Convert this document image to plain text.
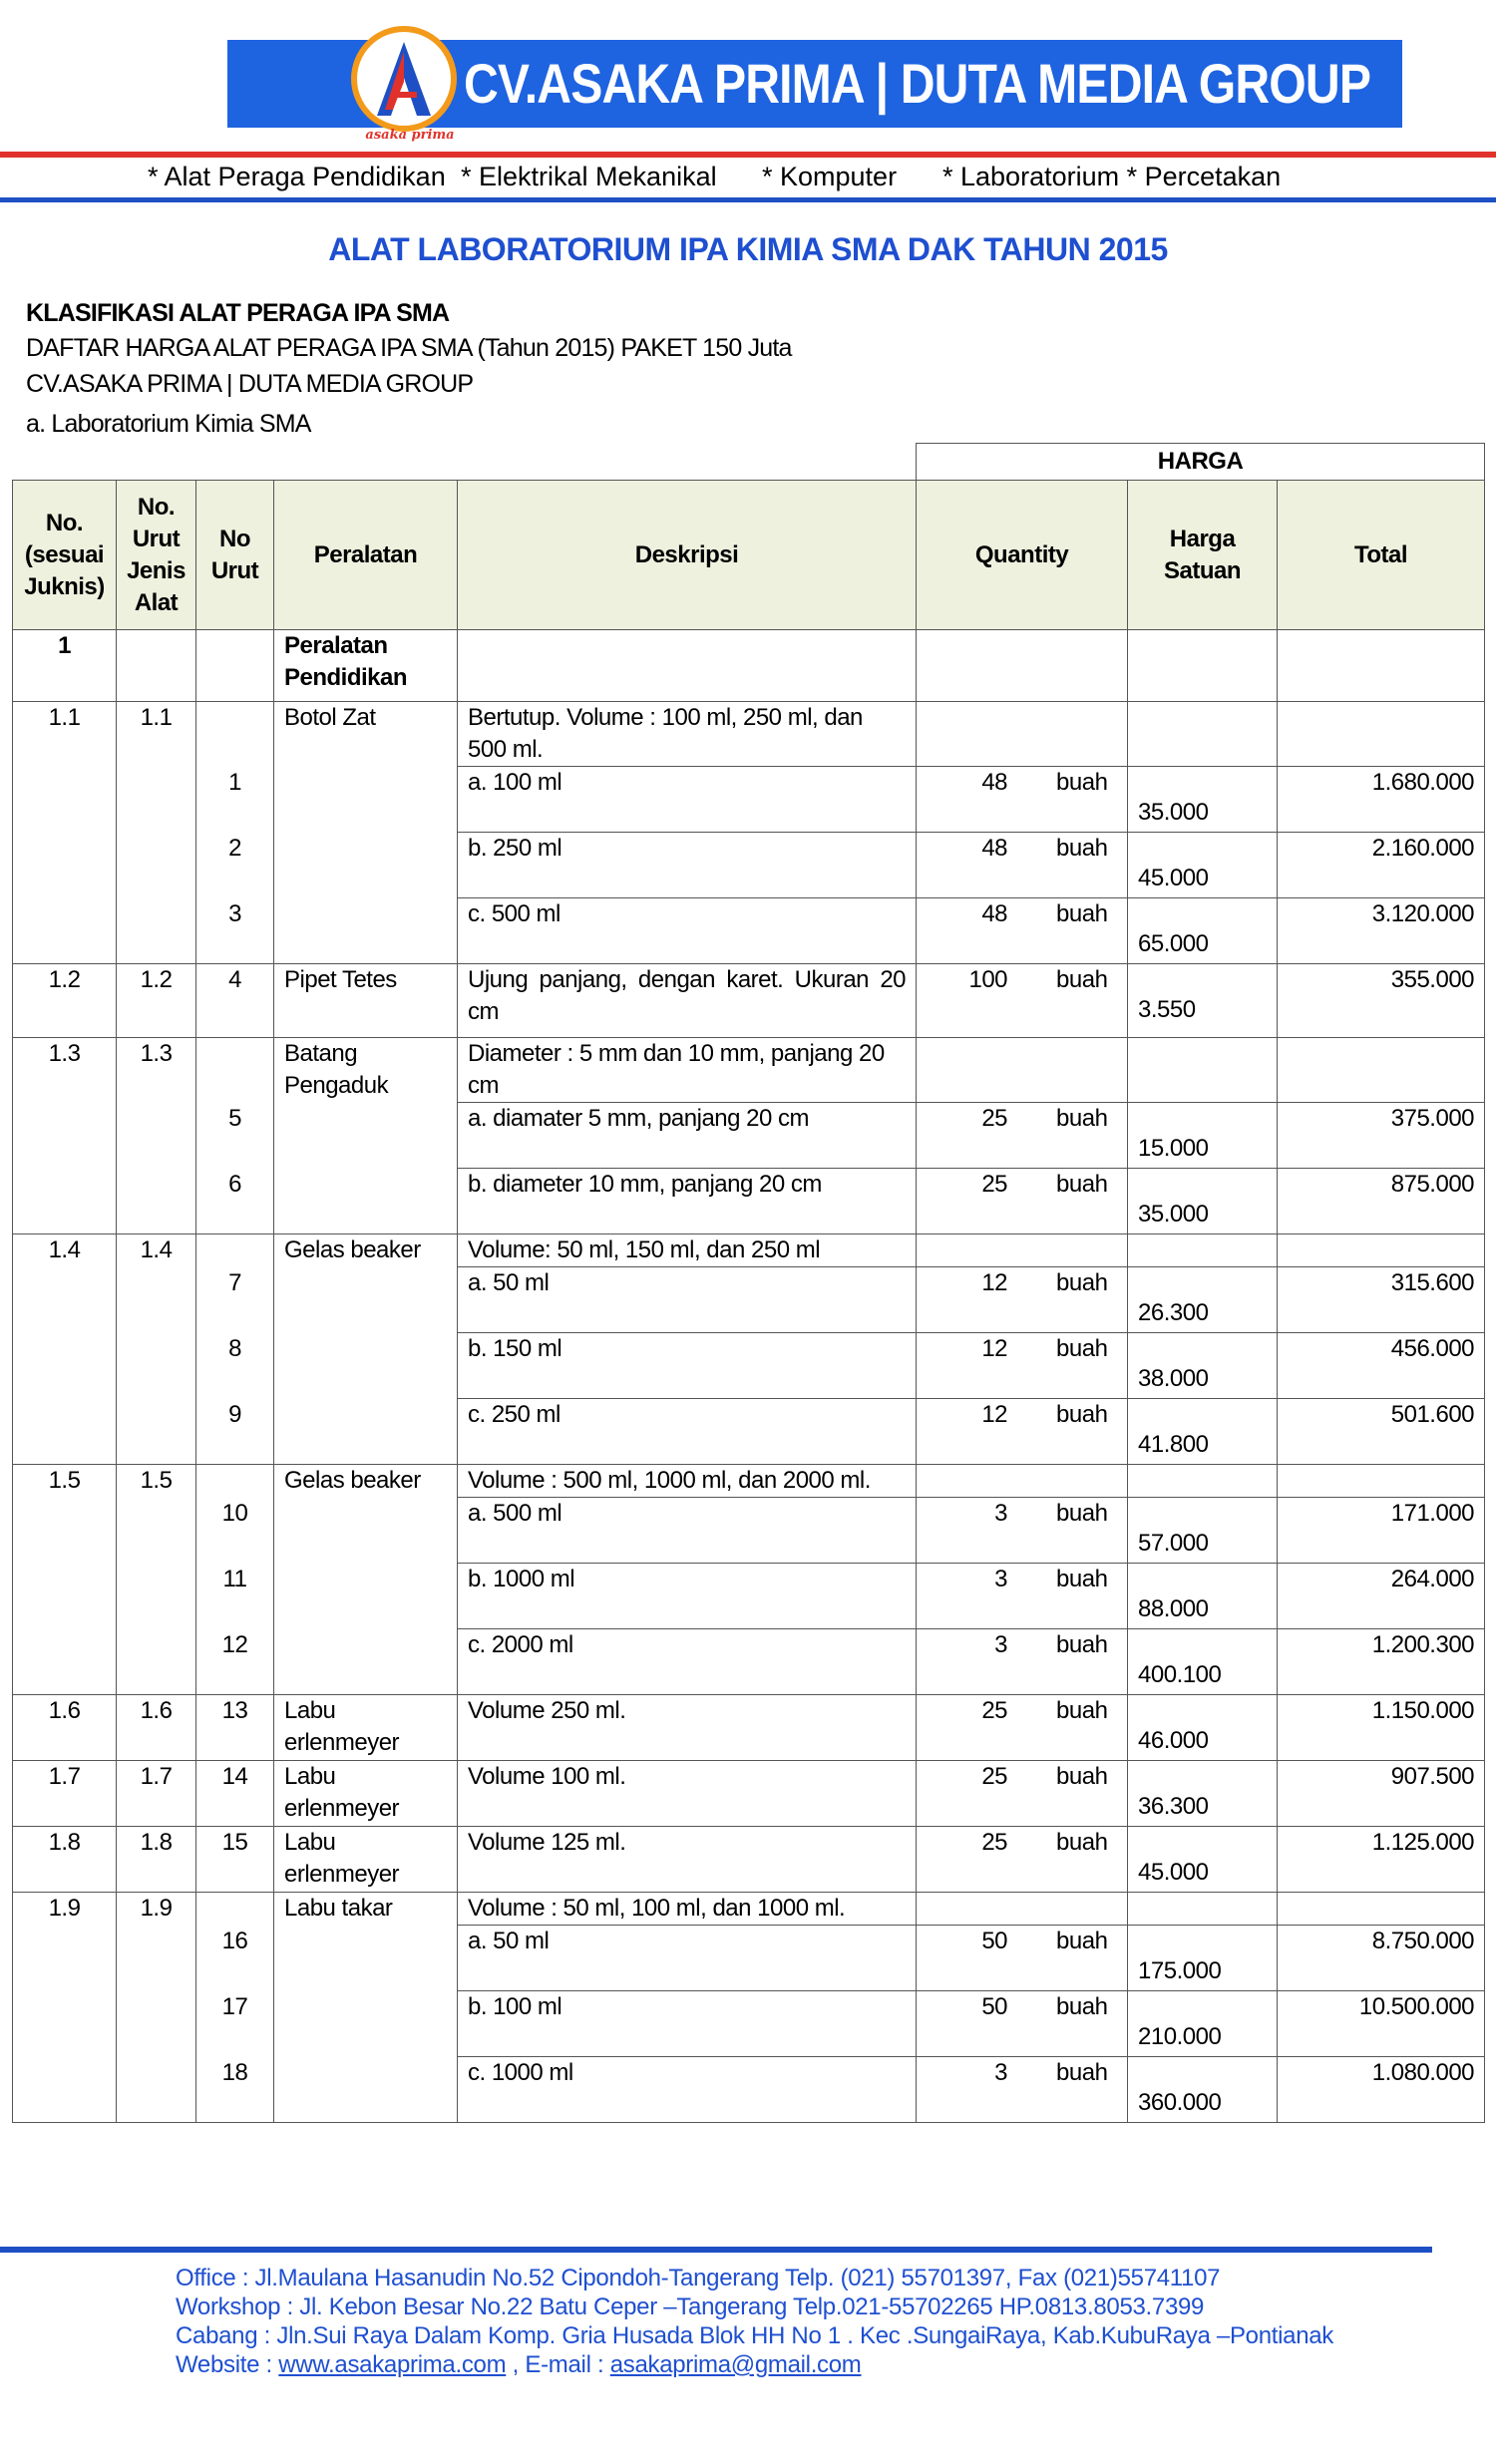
asaka prima
CV.ASAKA PRIMA | DUTA MEDIA GROUP
* Alat Peraga Pendidikan * Elektrikal Mekanikal * Komputer * Laboratorium * Percetakan
ALAT LABORATORIUM IPA KIMIA SMA DAK TAHUN 2015
KLASIFIKASI ALAT PERAGA IPA SMA
DAFTAR HARGA ALAT PERAGA IPA SMA (Tahun 2015) PAKET 150 Juta
CV.ASAKA PRIMA | DUTA MEDIA GROUP
a. Laboratorium Kimia SMA
					HARGA		
No. (sesuai Juknis)	No. Urut Jenis Alat	No Urut	Peralatan	Deskripsi	Quantity	Harga Satuan	Total
1			Peralatan Pendidikan				
1.1	1.1		Botol Zat	Bertutup. Volume : 100 ml, 250 ml, dan 500 ml.			
		1		a. 100 ml	48 buah	35.000	1.680.000
		2		b. 250 ml	48 buah	45.000	2.160.000
		3		c. 500 ml	48 buah	65.000	3.120.000
1.2	1.2	4	Pipet Tetes	Ujung panjang, dengan karet. Ukuran 20 cm	100 buah	3.550	355.000
1.3	1.3		Batang Pengaduk	Diameter : 5 mm dan 10 mm, panjang 20 cm			
		5		a. diamater 5 mm, panjang 20 cm	25 buah	15.000	375.000
		6		b. diameter 10 mm, panjang 20 cm	25 buah	35.000	875.000
1.4	1.4		Gelas beaker	Volume: 50 ml, 150 ml, dan 250 ml			
		7		a. 50 ml	12 buah	26.300	315.600
		8		b. 150 ml	12 buah	38.000	456.000
		9		c. 250 ml	12 buah	41.800	501.600
1.5	1.5		Gelas beaker	Volume : 500 ml, 1000 ml, dan 2000 ml.			
		10		a. 500 ml	3 buah	57.000	171.000
		11		b. 1000 ml	3 buah	88.000	264.000
		12		c. 2000 ml	3 buah	400.100	1.200.300
1.6	1.6	13	Labu erlenmeyer	Volume 250 ml.	25 buah	46.000	1.150.000
1.7	1.7	14	Labu erlenmeyer	Volume 100 ml.	25 buah	36.300	907.500
1.8	1.8	15	Labu erlenmeyer	Volume 125 ml.	25 buah	45.000	1.125.000
1.9	1.9		Labu takar	Volume : 50 ml, 100 ml, dan 1000 ml.			
		16		a. 50 ml	50 buah	175.000	8.750.000
		17		b. 100 ml	50 buah	210.000	10.500.000
		18		c. 1000 ml	3 buah	360.000	1.080.000
Office : Jl.Maulana Hasanudin No.52 Cipondoh-Tangerang Telp. (021) 55701397, Fax (021)55741107
Workshop : Jl. Kebon Besar No.22 Batu Ceper –Tangerang Telp.021-55702265 HP.0813.8053.7399
Cabang : Jln.Sui Raya Dalam Komp. Gria Husada Blok HH No 1 . Kec .SungaiRaya, Kab.KubuRaya –Pontianak
Website : www.asakaprima.com , E-mail : asakaprima@gmail.com
